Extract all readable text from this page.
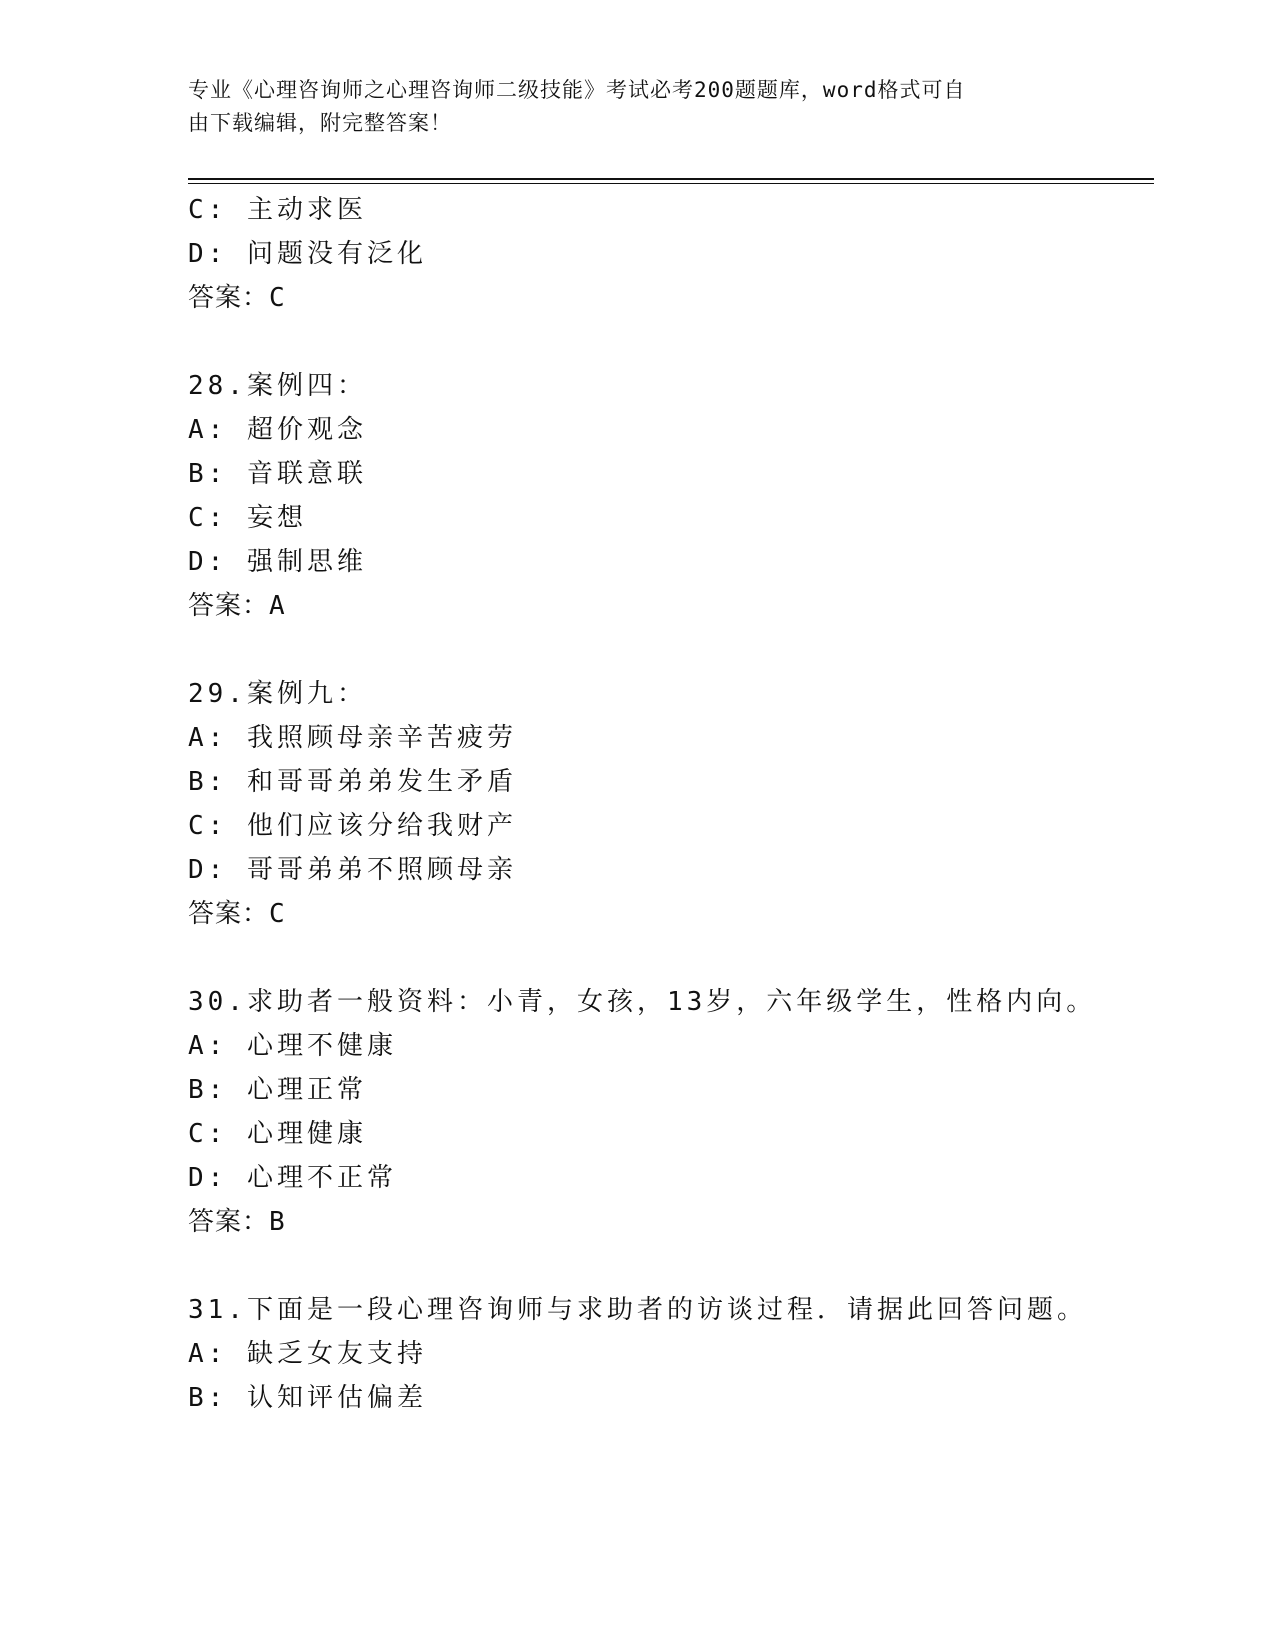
专业《心理咨询师之心理咨询师二级技能》考试必考200题题库，word格式可自
由下载编辑，附完整答案！
C: 主动求医
D: 问题没有泛化
答案：C
28.案例四：
A: 超价观念
B: 音联意联
C: 妄想
D: 强制思维
答案：A
29.案例九：
A: 我照顾母亲辛苦疲劳
B: 和哥哥弟弟发生矛盾
C: 他们应该分给我财产
D: 哥哥弟弟不照顾母亲
答案：C
30.求助者一般资料：小青，女孩，13岁，六年级学生，性格内向。
A: 心理不健康
B: 心理正常
C: 心理健康
D: 心理不正常
答案：B
31.下面是一段心理咨询师与求助者的访谈过程．请据此回答问题。
A: 缺乏女友支持
B: 认知评估偏差
